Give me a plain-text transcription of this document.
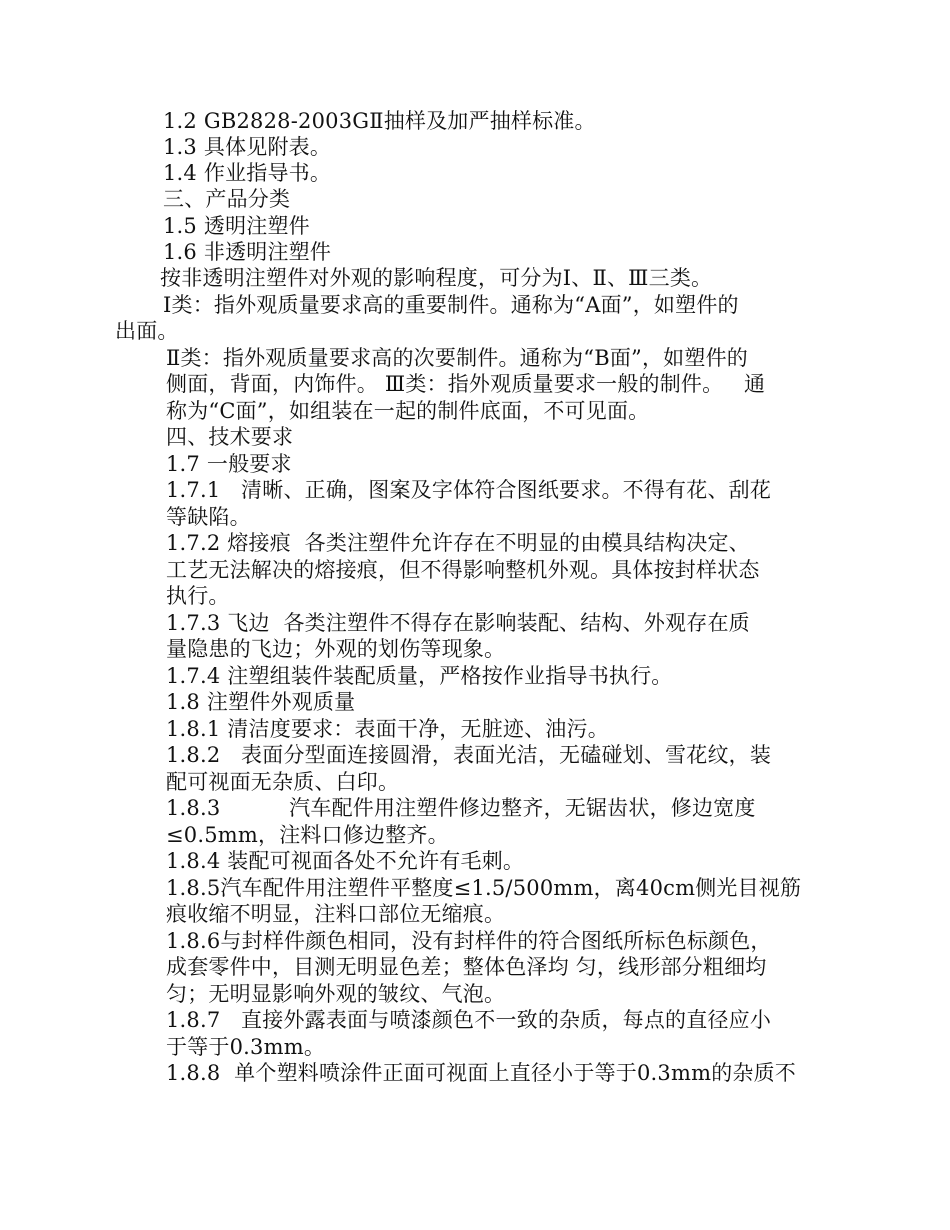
1.2 GB2828-2003GⅡ抽样及加严抽样标准。
1.3 具体见附表。
1.4 作业指导书。
三、产品分类
1.5 透明注塑件
1.6 非透明注塑件
按非透明注塑件对外观的影响程度，可分为Ⅰ、Ⅱ、Ⅲ三类。
Ⅰ类：指外观质量要求高的重要制件。通称为“A面”，如塑件的
出面。
Ⅱ类：指外观质量要求高的次要制件。通称为“B面”，如塑件的
侧面，背面，内饰件。 Ⅲ类：指外观质量要求一般的制件。   通
称为“C面”，如组装在一起的制件底面，不可见面。
四、技术要求
1.7 一般要求
1.7.1   清晰、正确，图案及字体符合图纸要求。不得有花、刮花
等缺陷。
1.7.2 熔接痕  各类注塑件允许存在不明显的由模具结构决定、
工艺无法解决的熔接痕，但不得影响整机外观。具体按封样状态
执行。
1.7.3 飞边  各类注塑件不得存在影响装配、结构、外观存在质
量隐患的飞边；外观的划伤等现象。
1.7.4 注塑组装件装配质量，严格按作业指导书执行。
1.8 注塑件外观质量
1.8.1 清洁度要求：表面干净，无脏迹、油污。
1.8.2   表面分型面连接圆滑，表面光洁，无磕碰划、雪花纹，装
配可视面无杂质、白印。
1.8.3          汽车配件用注塑件修边整齐，无锯齿状，修边宽度
≤0.5mm，注料口修边整齐。
1.8.4 装配可视面各处不允许有毛刺。
1.8.5汽车配件用注塑件平整度≤1.5/500mm，离40cm侧光目视筋
痕收缩不明显，注料口部位无缩痕。
1.8.6与封样件颜色相同，没有封样件的符合图纸所标色标颜色，
成套零件中，目测无明显色差；整体色泽均 匀，线形部分粗细均
匀；无明显影响外观的皱纹、气泡。
1.8.7   直接外露表面与喷漆颜色不一致的杂质，每点的直径应小
于等于0.3mm。
1.8.8  单个塑料喷涂件正面可视面上直径小于等于0.3mm的杂质不
